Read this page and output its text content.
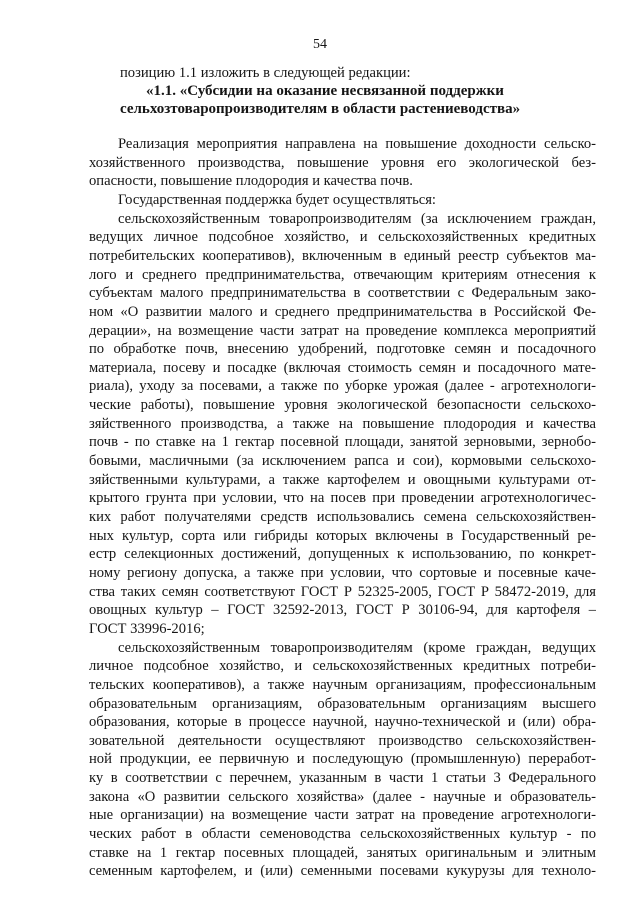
54
позицию 1.1 изложить в следующей редакции:
«1.1. «Субсидии на оказание несвязанной поддержки
сельхозтоваропроизводителям в области растениеводства»
Реализация мероприятия направлена на повышение доходности сельско-
хозяйственного производства, повышение уровня его экологической без-
опасности, повышение плодородия и качества почв.
Государственная поддержка будет осуществляться:
сельскохозяйственным товаропроизводителям (за исключением граждан,
ведущих личное подсобное хозяйство, и сельскохозяйственных кредитных
потребительских кооперативов), включенным в единый реестр субъектов ма-
лого и среднего предпринимательства, отвечающим критериям отнесения к
субъектам малого предпринимательства в соответствии с Федеральным зако-
ном «О развитии малого и среднего предпринимательства в Российской Фе-
дерации», на возмещение части затрат на проведение комплекса мероприятий
по обработке почв, внесению удобрений, подготовке семян и посадочного
материала, посеву и посадке (включая стоимость семян и посадочного мате-
риала), уходу за посевами, а также по уборке урожая (далее - агротехнологи-
ческие работы), повышение уровня экологической безопасности сельскохо-
зяйственного производства, а также на повышение плодородия и качества
почв - по ставке на 1 гектар посевной площади, занятой зерновыми, зернобо-
бовыми, масличными (за исключением рапса и сои), кормовыми сельскохо-
зяйственными культурами, а также картофелем и овощными культурами от-
крытого грунта при условии, что на посев при проведении агротехнологичес-
ких работ получателями средств использовались семена сельскохозяйствен-
ных культур, сорта или гибриды которых включены в Государственный ре-
естр селекционных достижений, допущенных к использованию, по конкрет-
ному региону допуска, а также при условии, что сортовые и посевные каче-
ства таких семян соответствуют ГОСТ Р 52325-2005, ГОСТ Р 58472-2019, для
овощных культур – ГОСТ 32592-2013, ГОСТ Р 30106-94, для картофеля –
ГОСТ 33996-2016;
сельскохозяйственным товаропроизводителям (кроме граждан, ведущих
личное подсобное хозяйство, и сельскохозяйственных кредитных потреби-
тельских кооперативов), а также научным организациям, профессиональным
образовательным организациям, образовательным организациям высшего
образования, которые в процессе научной, научно-технической и (или) обра-
зовательной деятельности осуществляют производство сельскохозяйствен-
ной продукции, ее первичную и последующую (промышленную) переработ-
ку в соответствии с перечнем, указанным в части 1 статьи 3 Федерального
закона «О развитии сельского хозяйства» (далее - научные и образователь-
ные организации) на возмещение части затрат на проведение агротехнологи-
ческих работ в области семеноводства сельскохозяйственных культур - по
ставке на 1 гектар посевных площадей, занятых оригинальным и элитным
семенным картофелем, и (или) семенными посевами кукурузы для техноло-
